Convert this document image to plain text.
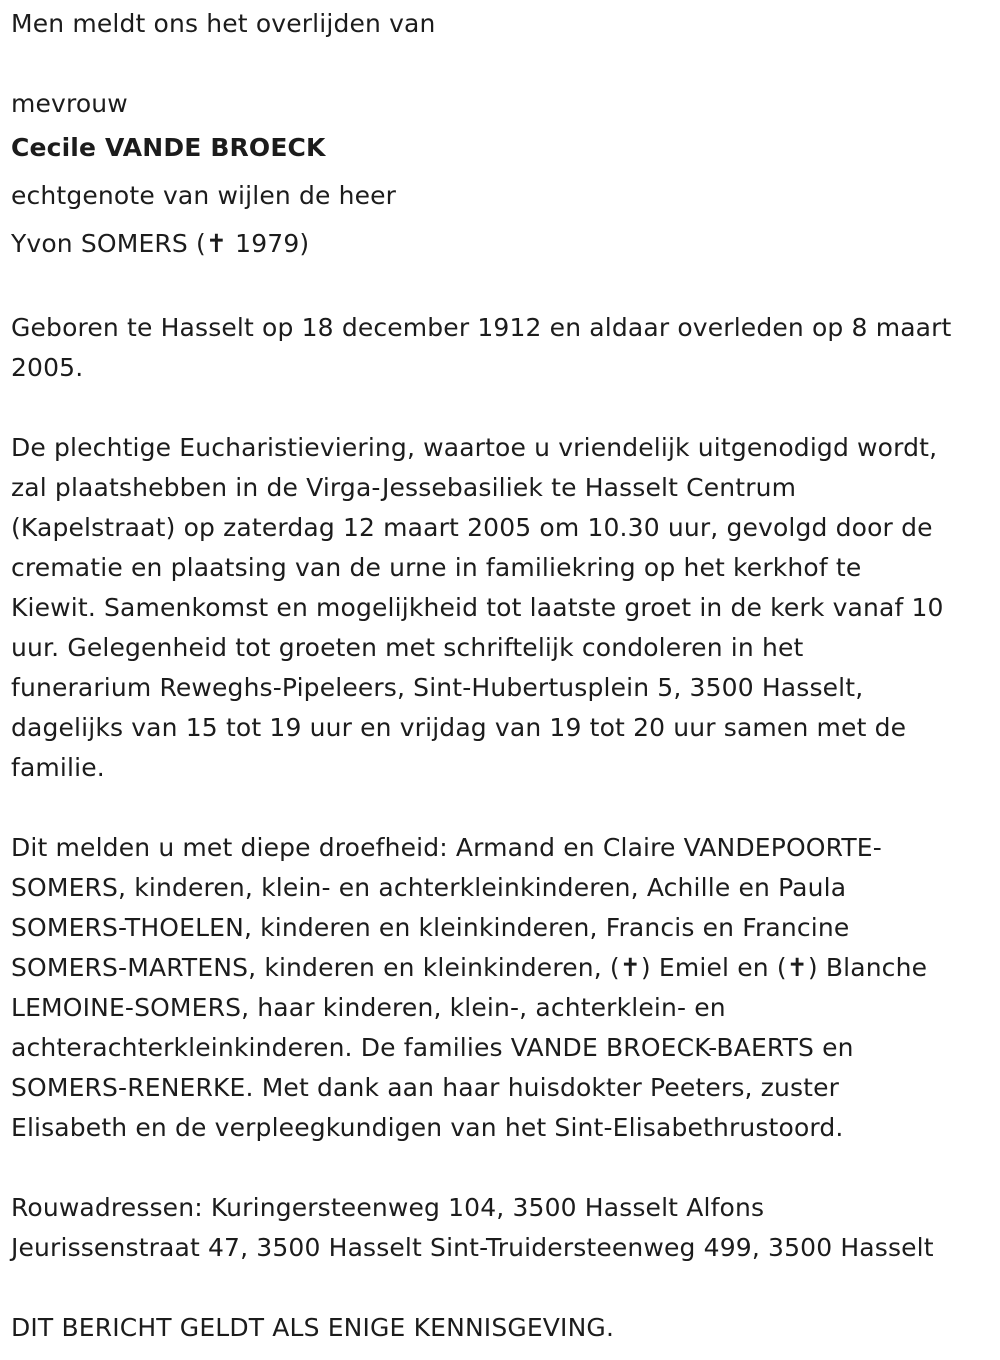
Men meldt ons het overlijden van
mevrouw
Cecile VANDE BROECK
echtgenote van wijlen de heer
Yvon SOMERS (✝ 1979)

Geboren te Hasselt op 18 december 1912 en aldaar overleden op 8 maart 2005.

De plechtige Eucharistieviering, waartoe u vriendelijk uitgenodigd wordt,
zal plaatshebben in de Virga-Jessebasiliek te Hasselt Centrum
(Kapelstraat) op zaterdag 12 maart 2005 om 10.30 uur, gevolgd door de
crematie en plaatsing van de urne in familiekring op het kerkhof te
Kiewit. Samenkomst en mogelijkheid tot laatste groet in de kerk vanaf 10
uur. Gelegenheid tot groeten met schriftelijk condoleren in het
funerarium Reweghs-Pipeleers, Sint-Hubertusplein 5, 3500 Hasselt,
dagelijks van 15 tot 19 uur en vrijdag van 19 tot 20 uur samen met de
familie.
Dit melden u met diepe droefheid: Armand en Claire VANDEPOORTE-
SOMERS, kinderen, klein- en achterkleinkinderen, Achille en Paula
SOMERS-THOELEN, kinderen en kleinkinderen, Francis en Francine
SOMERS-MARTENS, kinderen en kleinkinderen, (✝) Emiel en (✝) Blanche
LEMOINE-SOMERS, haar kinderen, klein-, achterklein- en
achterachterkleinkinderen. De families VANDE BROECK-BAERTS en
SOMERS-RENERKE. Met dank aan haar huisdokter Peeters, zuster
Elisabeth en de verpleegkundigen van het Sint-Elisabethrustoord.
Rouwadressen: Kuringersteenweg 104, 3500 Hasselt Alfons
Jeurissenstraat 47, 3500 Hasselt Sint-Truidersteenweg 499, 3500 Hasselt
DIT BERICHT GELDT ALS ENIGE KENNISGEVING.
